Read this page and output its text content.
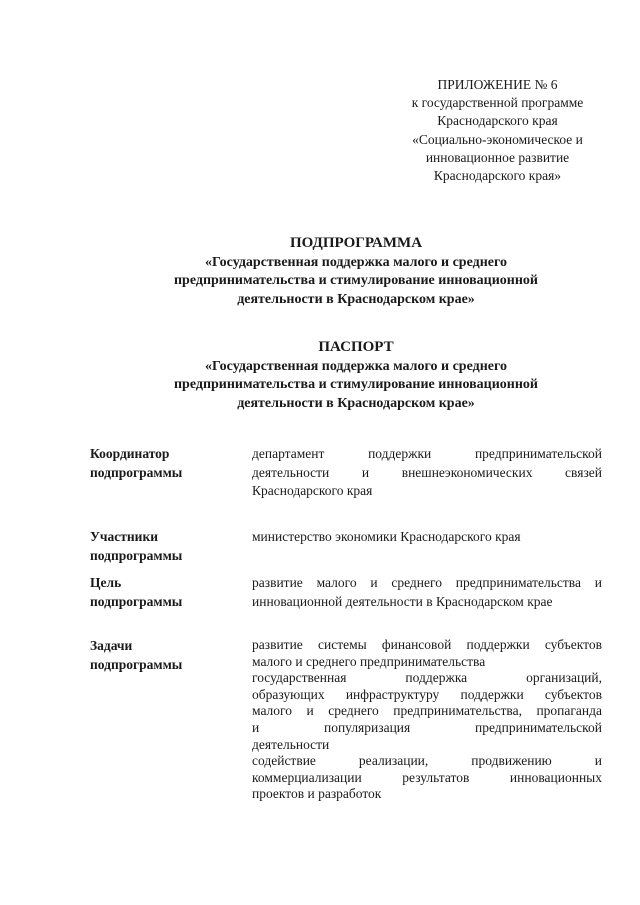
ПРИЛОЖЕНИЕ № 6
к государственной программе
Краснодарского края
«Социально-экономическое и
инновационное развитие
Краснодарского края»
ПОДПРОГРАММА
«Государственная поддержка малого и среднего
предпринимательства и стимулирование инновационной
деятельности в Краснодарском крае»
ПАСПОРТ
«Государственная поддержка малого и среднего
предпринимательства и стимулирование инновационной
деятельности в Краснодарском крае»
Координатор
подпрограммы
департамент поддержки предпринимательской
деятельности и внешнеэкономических связей
Краснодарского края
Участники
подпрограммы
министерство экономики Краснодарского края
Цель
подпрограммы
развитие малого и среднего предпринимательства и
инновационной деятельности в Краснодарском крае
Задачи
подпрограммы
развитие системы финансовой поддержки субъектов
малого и среднего предпринимательства
государственная поддержка организаций,
образующих инфраструктуру поддержки субъектов
малого и среднего предпринимательства, пропаганда
и популяризация предпринимательской
деятельности
содействие реализации, продвижению и
коммерциализации результатов инновационных
проектов и разработок
